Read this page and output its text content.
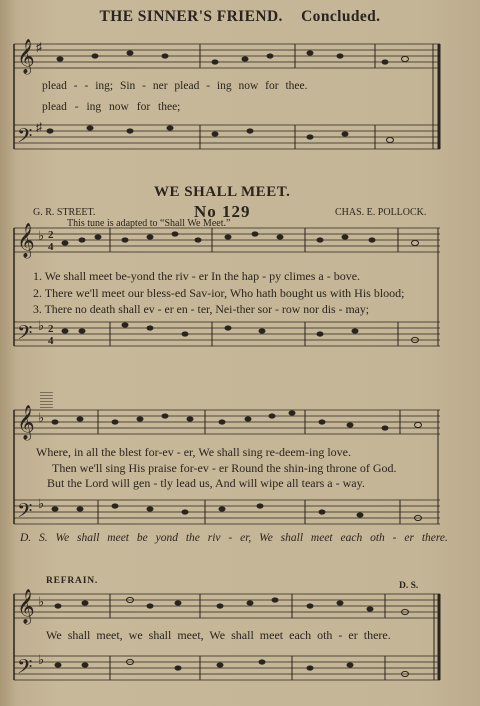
THE SINNER'S FRIEND. Concluded.
𝄞
𝄢
♯
♯
𝄞
𝄢
♭
♭
2
4
2
4
𝄞
𝄢
♭
♭
𝄛
𝄞
𝄢
♭
♭
plead - - ing; Sin - ner plead - ing now for thee.
plead - ing now for thee;
WE SHALL MEET.
G. R. STREET.	No 129	CHAS. E. POLLOCK.
This tune is adapted to “Shall We Meet.”
1. We shall meet be-yond the riv - er In the hap - py climes a - bove.
2. There we'll meet our bless-ed Sav-ior, Who hath bought us with His blood;
3. There no death shall ev - er en - ter, Nei-ther sor - row nor dis - may;
Where, in all the blest for-ev - er, We shall sing re-deem-ing love.
Then we'll sing His praise for-ev - er Round the shin-ing throne of God.
But the Lord will gen - tly lead us, And will wipe all tears a - way.
D. S. We shall meet be yond the riv - er, We shall meet each oth - er there.
REFRAIN.	D. S.
We shall meet, we shall meet, We shall meet each oth - er there.
